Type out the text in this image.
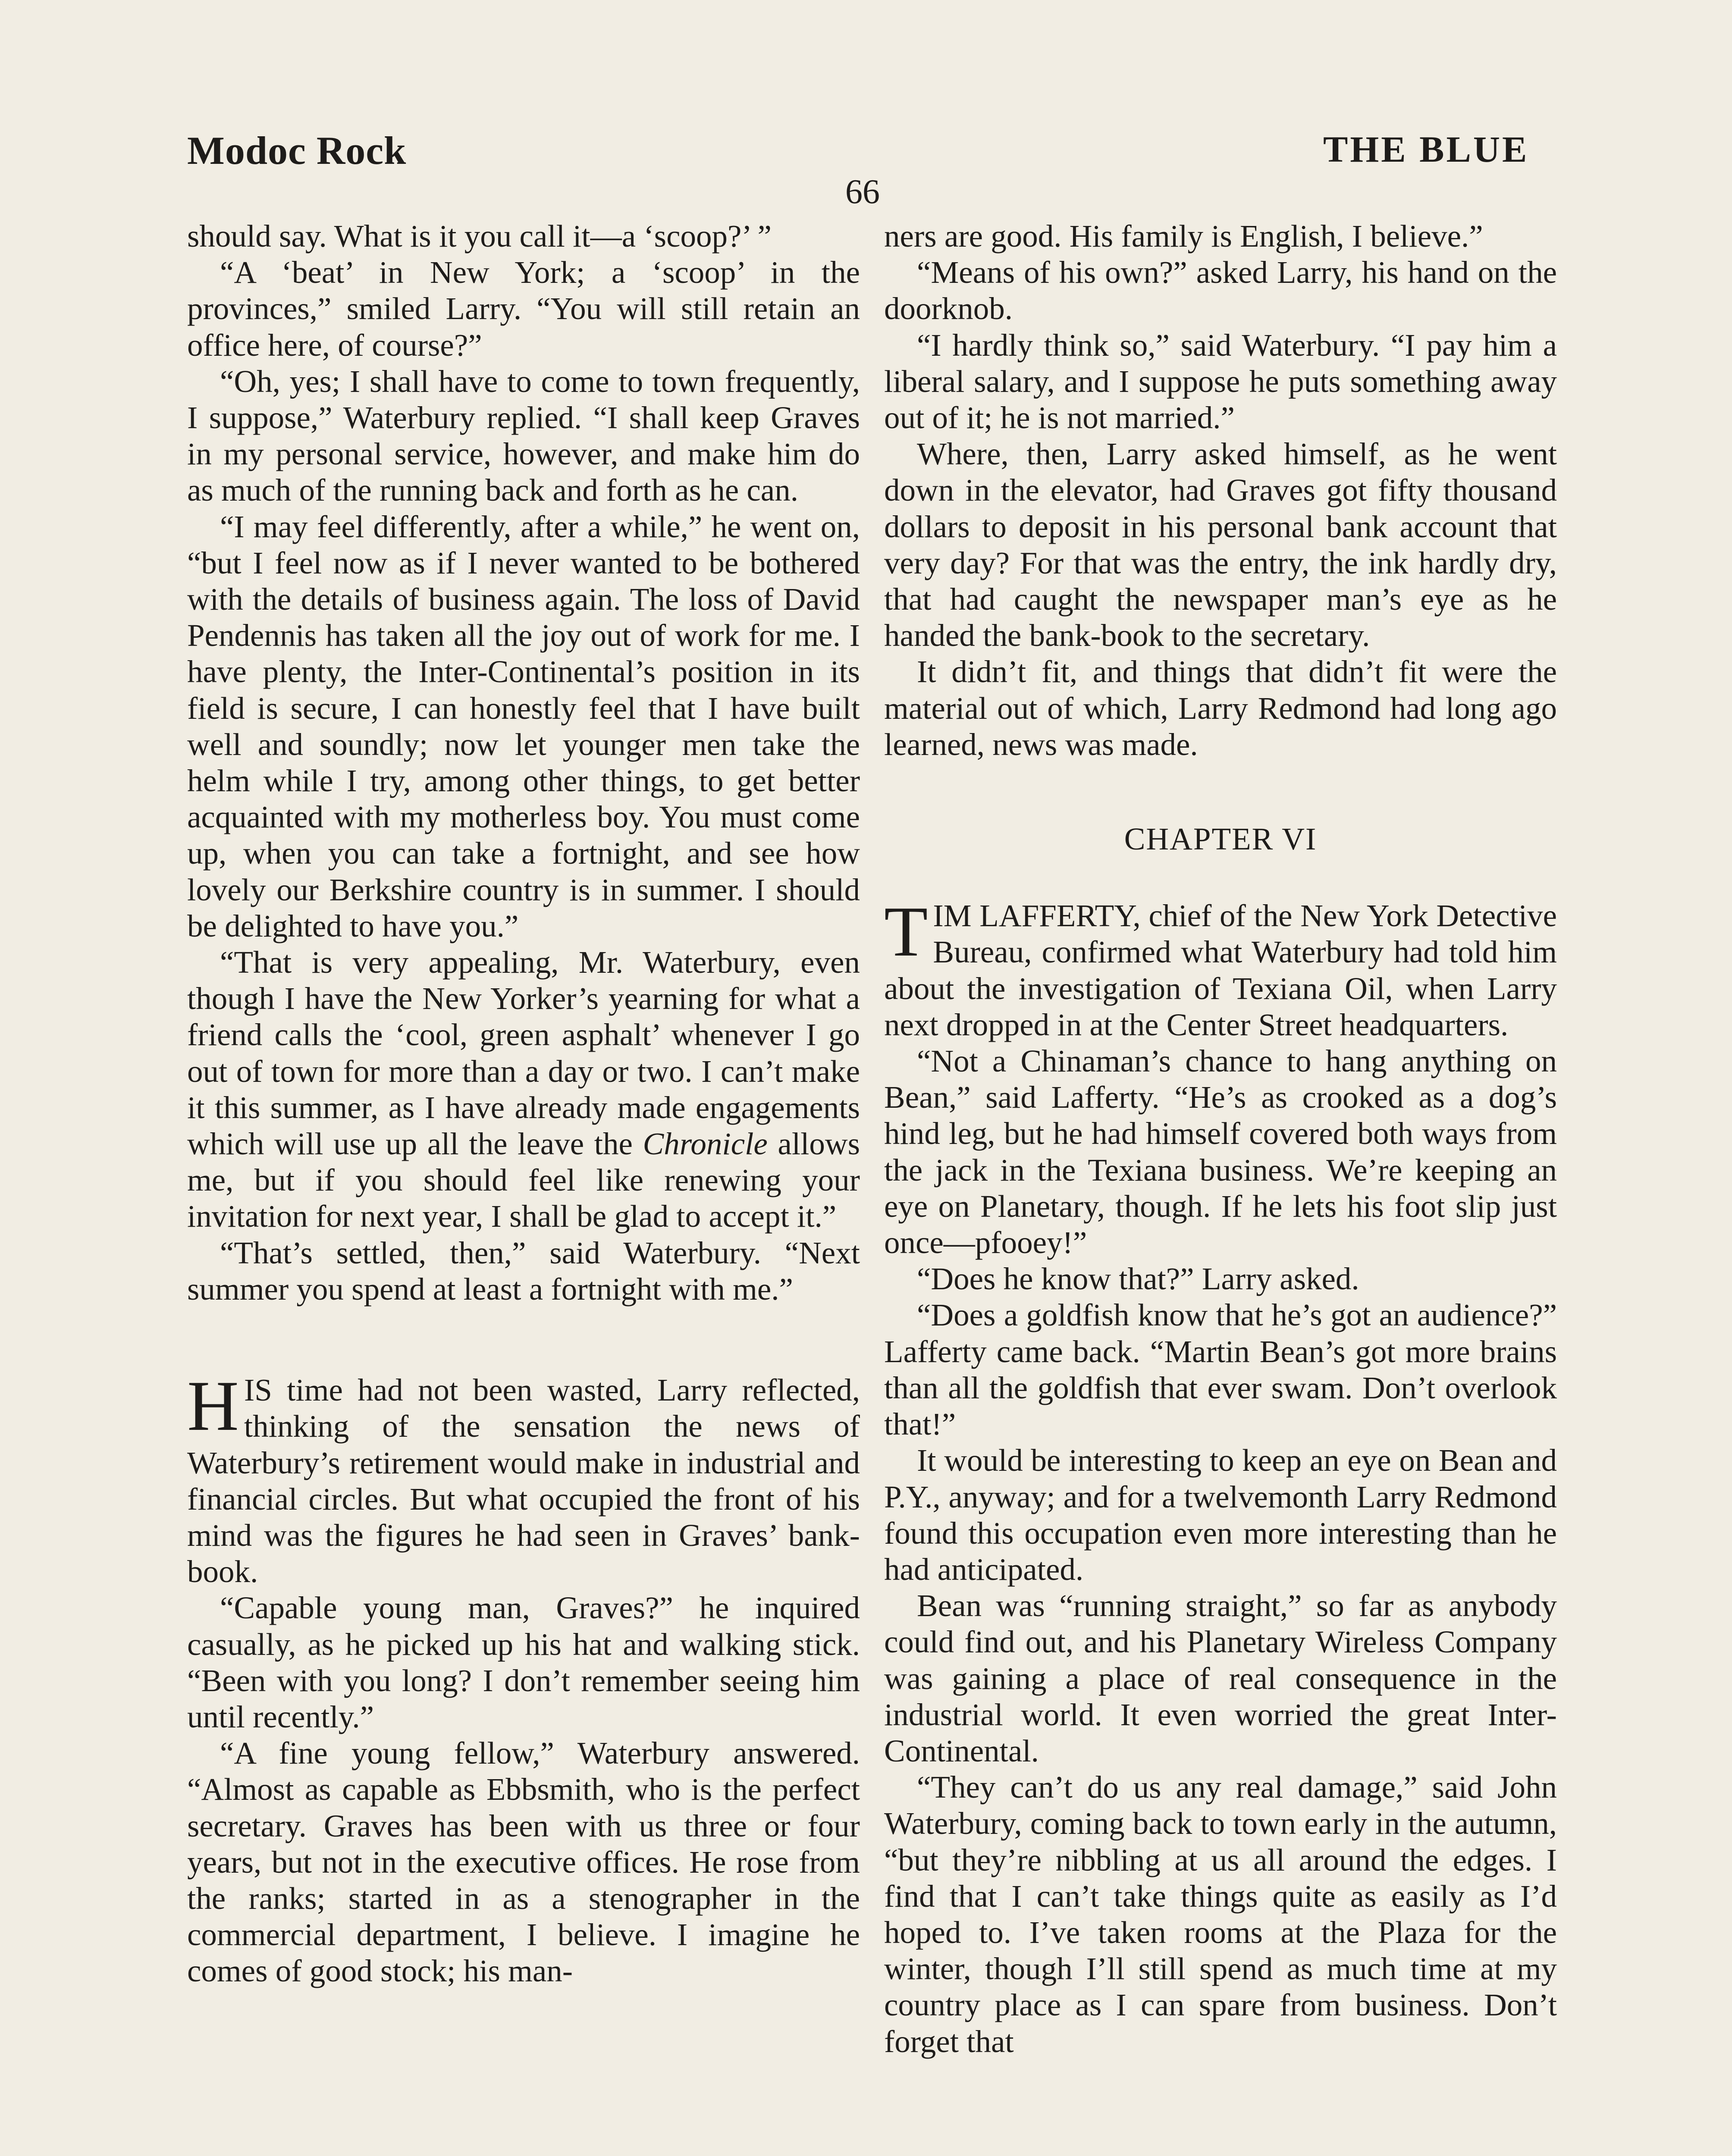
Modoc Rock	THE BLUE
66

should say. What is it you call it—a ‘scoop?’ ”

“A ‘beat’ in New York; a ‘scoop’ in the provinces,” smiled Larry. “You will still retain an office here, of course?”

“Oh, yes; I shall have to come to town frequently, I suppose,” Waterbury replied. “I shall keep Graves in my personal service, however, and make him do as much of the running back and forth as he can.

“I may feel differently, after a while,” he went on, “but I feel now as if I never wanted to be bothered with the details of business again. The loss of David Pendennis has taken all the joy out of work for me. I have plenty, the Inter-Continental’s position in its field is secure, I can honestly feel that I have built well and soundly; now let younger men take the helm while I try, among other things, to get better acquainted with my motherless boy. You must come up, when you can take a fortnight, and see how lovely our Berkshire country is in summer. I should be delighted to have you.”

“That is very appealing, Mr. Waterbury, even though I have the New Yorker’s yearning for what a friend calls the ‘cool, green asphalt’ whenever I go out of town for more than a day or two. I can’t make it this summer, as I have already made engagements which will use up all the leave the Chronicle allows me, but if you should feel like renewing your invitation for next year, I shall be glad to accept it.”

“That’s settled, then,” said Waterbury. “Next summer you spend at least a fortnight with me.”

HIS time had not been wasted, Larry reflected, thinking of the sensation the news of Waterbury’s retirement would make in industrial and financial circles. But what occupied the front of his mind was the figures he had seen in Graves’ bank-book.

“Capable young man, Graves?” he inquired casually, as he picked up his hat and walking stick. “Been with you long? I don’t remember seeing him until recently.”

“A fine young fellow,” Waterbury answered. “Almost as capable as Ebbsmith, who is the perfect secretary. Graves has been with us three or four years, but not in the executive offices. He rose from the ranks; started in as a stenographer in the commercial department, I believe. I imagine he comes of good stock; his man-

ners are good. His family is English, I believe.”

“Means of his own?” asked Larry, his hand on the doorknob.

“I hardly think so,” said Waterbury. “I pay him a liberal salary, and I suppose he puts something away out of it; he is not married.”

Where, then, Larry asked himself, as he went down in the elevator, had Graves got fifty thousand dollars to deposit in his personal bank account that very day? For that was the entry, the ink hardly dry, that had caught the newspaper man’s eye as he handed the bank-book to the secretary.

It didn’t fit, and things that didn’t fit were the material out of which, Larry Redmond had long ago learned, news was made.

CHAPTER VI

TIM LAFFERTY, chief of the New York Detective Bureau, confirmed what Waterbury had told him about the investigation of Texiana Oil, when Larry next dropped in at the Center Street headquarters.

“Not a Chinaman’s chance to hang anything on Bean,” said Lafferty. “He’s as crooked as a dog’s hind leg, but he had himself covered both ways from the jack in the Texiana business. We’re keeping an eye on Planetary, though. If he lets his foot slip just once—pfooey!”

“Does he know that?” Larry asked.

“Does a goldfish know that he’s got an audience?” Lafferty came back. “Martin Bean’s got more brains than all the goldfish that ever swam. Don’t overlook that!”

It would be interesting to keep an eye on Bean and P.Y., anyway; and for a twelvemonth Larry Redmond found this occupation even more interesting than he had anticipated.

Bean was “running straight,” so far as anybody could find out, and his Planetary Wireless Company was gaining a place of real consequence in the industrial world. It even worried the great Inter-Continental.

“They can’t do us any real damage,” said John Waterbury, coming back to town early in the autumn, “but they’re nibbling at us all around the edges. I find that I can’t take things quite as easily as I’d hoped to. I’ve taken rooms at the Plaza for the winter, though I’ll still spend as much time at my country place as I can spare from business. Don’t forget that
